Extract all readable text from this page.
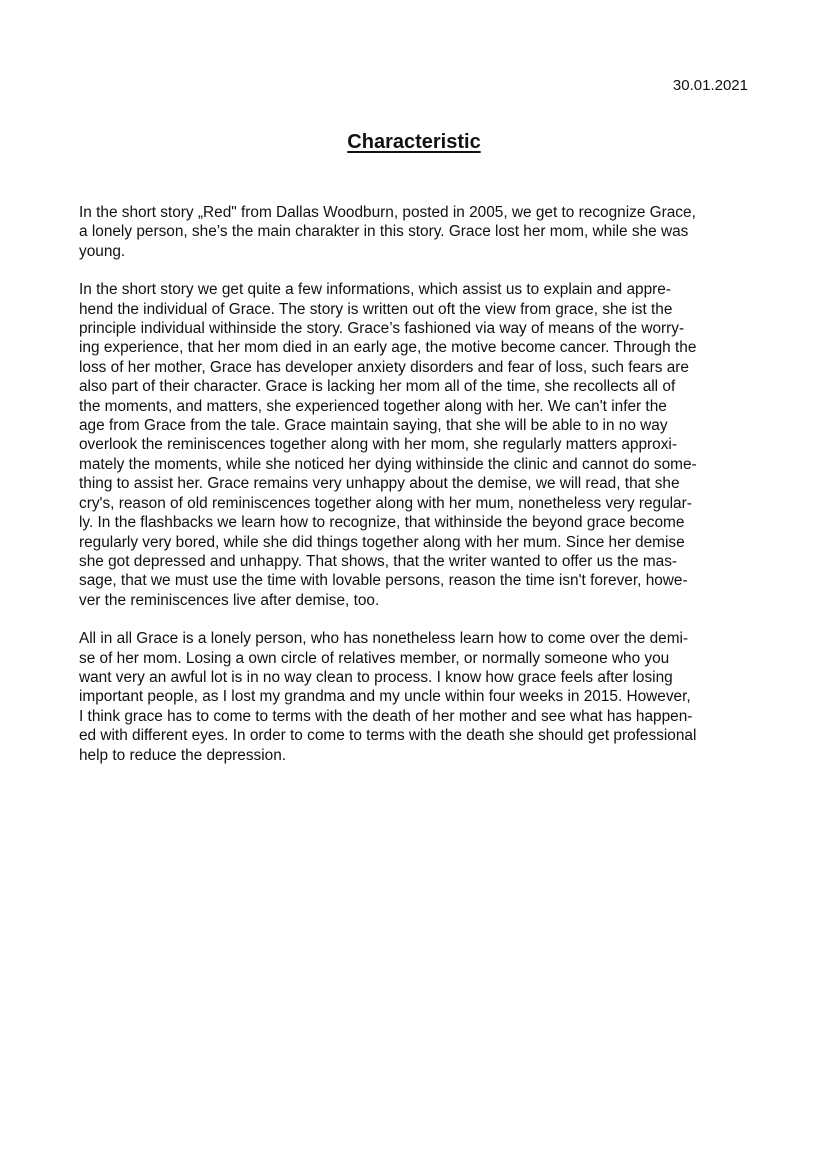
30.01.2021
Characteristic

In the short story „Red" from Dallas Woodburn, posted in 2005, we get to recognize Grace,
a lonely person, she’s the main charakter in this story. Grace lost her mom, while she was
young.

In the short story we get quite a few informations, which assist us to explain and appre-
hend the individual of Grace. The story is written out oft the view from grace, she ist the
principle individual withinside the story. Grace’s fashioned via way of means of the worry-
ing experience, that her mom died in an early age, the motive become cancer. Through the
loss of her mother, Grace has developer anxiety disorders and fear of loss, such fears are
also part of their character. Grace is lacking her mom all of the time, she recollects all of
the moments, and matters, she experienced together along with her. We can't infer the
age from Grace from the tale. Grace maintain saying, that she will be able to in no way
overlook the reminiscences together along with her mom, she regularly matters approxi-
mately the moments, while she noticed her dying withinside the clinic and cannot do some-
thing to assist her. Grace remains very unhappy about the demise, we will read, that she
cry's, reason of old reminiscences together along with her mum, nonetheless very regular-
ly. In the flashbacks we learn how to recognize, that withinside the beyond grace become
regularly very bored, while she did things together along with her mum. Since her demise
she got depressed and unhappy. That shows, that the writer wanted to offer us the mas-
sage, that we must use the time with lovable persons, reason the time isn't forever, howe-
ver the reminiscences live after demise, too.

All in all Grace is a lonely person, who has nonetheless learn how to come over the demi-
se of her mom. Losing a own circle of relatives member, or normally someone who you
want very an awful lot is in no way clean to process. I know how grace feels after losing
important people, as I lost my grandma and my uncle within four weeks in 2015. However,
I think grace has to come to terms with the death of her mother and see what has happen-
ed with different eyes. In order to come to terms with the death she should get professional
help to reduce the depression.
